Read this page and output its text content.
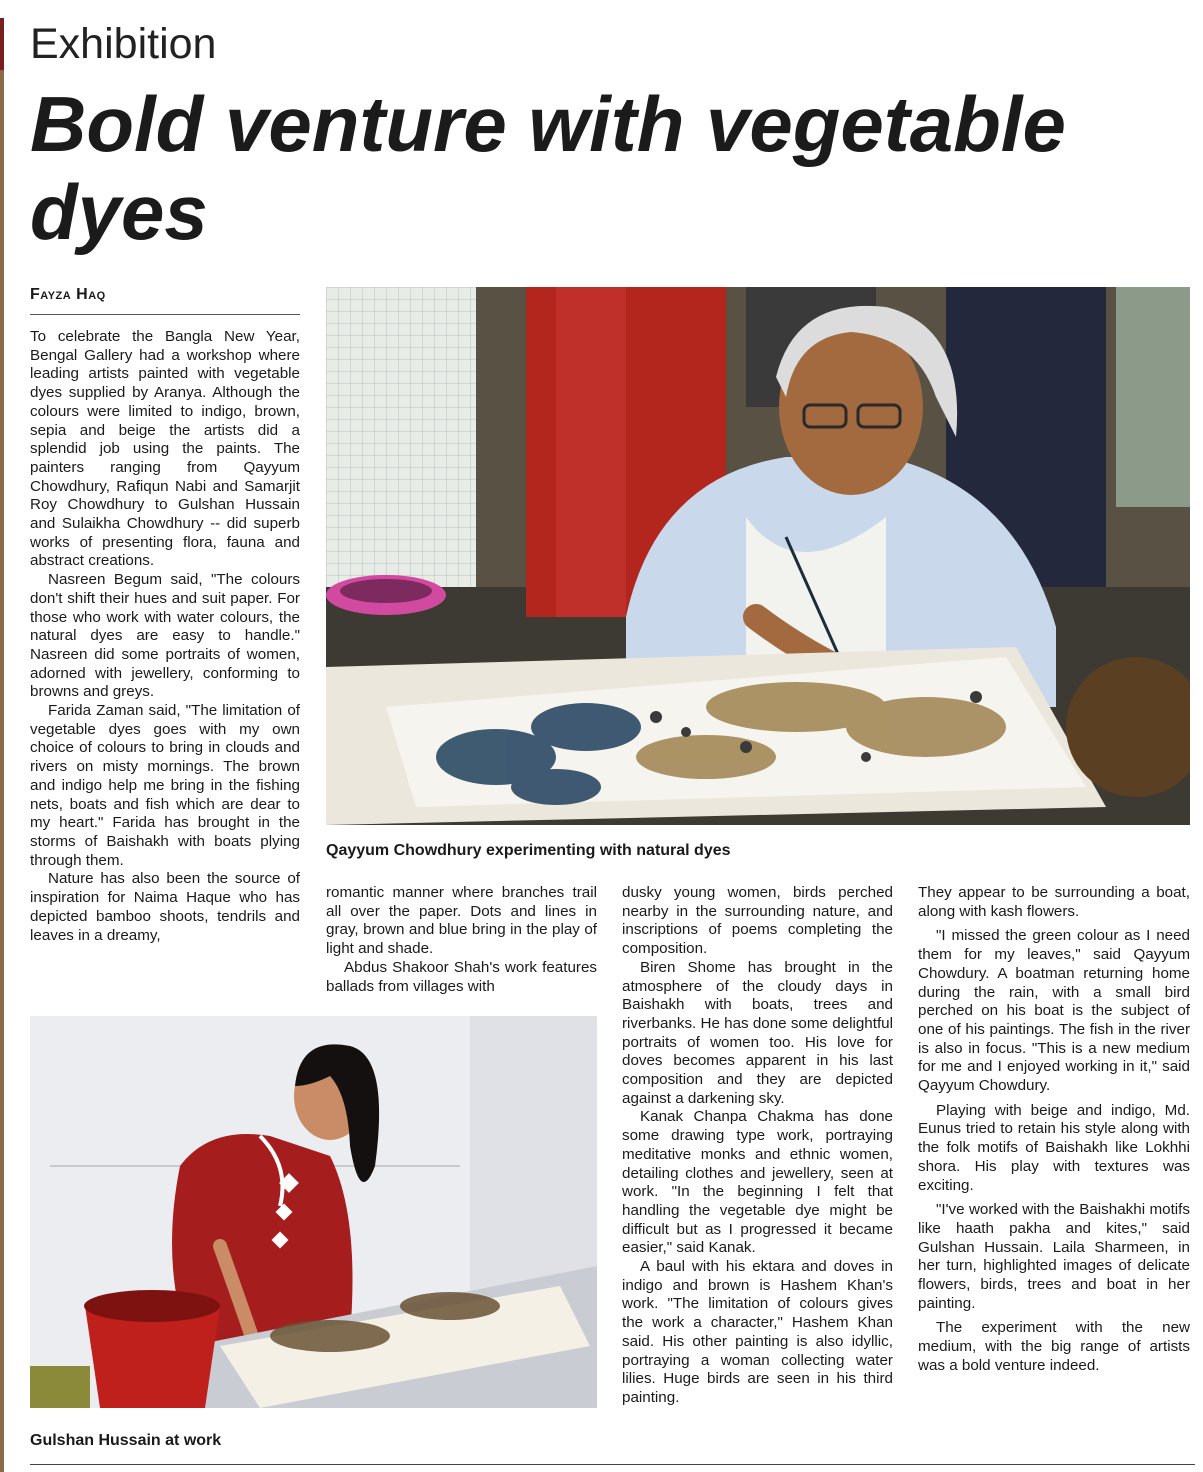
Exhibition
Bold venture with vegetable dyes
Fayza Haq

To celebrate the Bangla New Year, Bengal Gallery had a workshop where leading artists painted with vegetable dyes supplied by Aranya. Although the colours were limited to indigo, brown, sepia and beige the artists did a splendid job using the paints. The painters ranging from Qayyum Chowdhury, Rafiqun Nabi and Samarjit Roy Chowdhury to Gulshan Hussain and Sulaikha Chowdhury -- did superb works of presenting flora, fauna and abstract creations.

Nasreen Begum said, "The colours don't shift their hues and suit paper. For those who work with water colours, the natural dyes are easy to handle." Nasreen did some portraits of women, adorned with jewellery, conforming to browns and greys.

Farida Zaman said, "The limitation of vegetable dyes goes with my own choice of colours to bring in clouds and rivers on misty mornings. The brown and indigo help me bring in the fishing nets, boats and fish which are dear to my heart." Farida has brought in the storms of Baishakh with boats plying through them.

Nature has also been the source of inspiration for Naima Haque who has depicted bamboo shoots, tendrils and leaves in a dreamy,

Qayyum Chowdhury experimenting with natural dyes

romantic manner where branches trail all over the paper. Dots and lines in gray, brown and blue bring in the play of light and shade.

Abdus Shakoor Shah's work features ballads from villages with

dusky young women, birds perched nearby in the surrounding nature, and inscriptions of poems completing the composition.

Biren Shome has brought in the atmosphere of the cloudy days in Baishakh with boats, trees and riverbanks. He has done some delightful portraits of women too. His love for doves becomes apparent in his last composition and they are depicted against a darkening sky.

Kanak Chanpa Chakma has done some drawing type work, portraying meditative monks and ethnic women, detailing clothes and jewellery, seen at work. "In the beginning I felt that handling the vegetable dye might be difficult but as I progressed it became easier," said Kanak.

A baul with his ektara and doves in indigo and brown is Hashem Khan's work. "The limitation of colours gives the work a character," Hashem Khan said. His other painting is also idyllic, portraying a woman collecting water lilies. Huge birds are seen in his third painting.

They appear to be surrounding a boat, along with kash flowers.

"I missed the green colour as I need them for my leaves," said Qayyum Chowdury. A boatman returning home during the rain, with a small bird perched on his boat is the subject of one of his paintings. The fish in the river is also in focus. "This is a new medium for me and I enjoyed working in it," said Qayyum Chowdury.

Playing with beige and indigo, Md. Eunus tried to retain his style along with the folk motifs of Baishakh like Lokhhi shora. His play with textures was exciting.

"I've worked with the Baishakhi motifs like haath pakha and kites," said Gulshan Hussain. Laila Sharmeen, in her turn, highlighted images of delicate flowers, birds, trees and boat in her painting.

The experiment with the new medium, with the big range of artists was a bold venture indeed.

Gulshan Hussain at work
